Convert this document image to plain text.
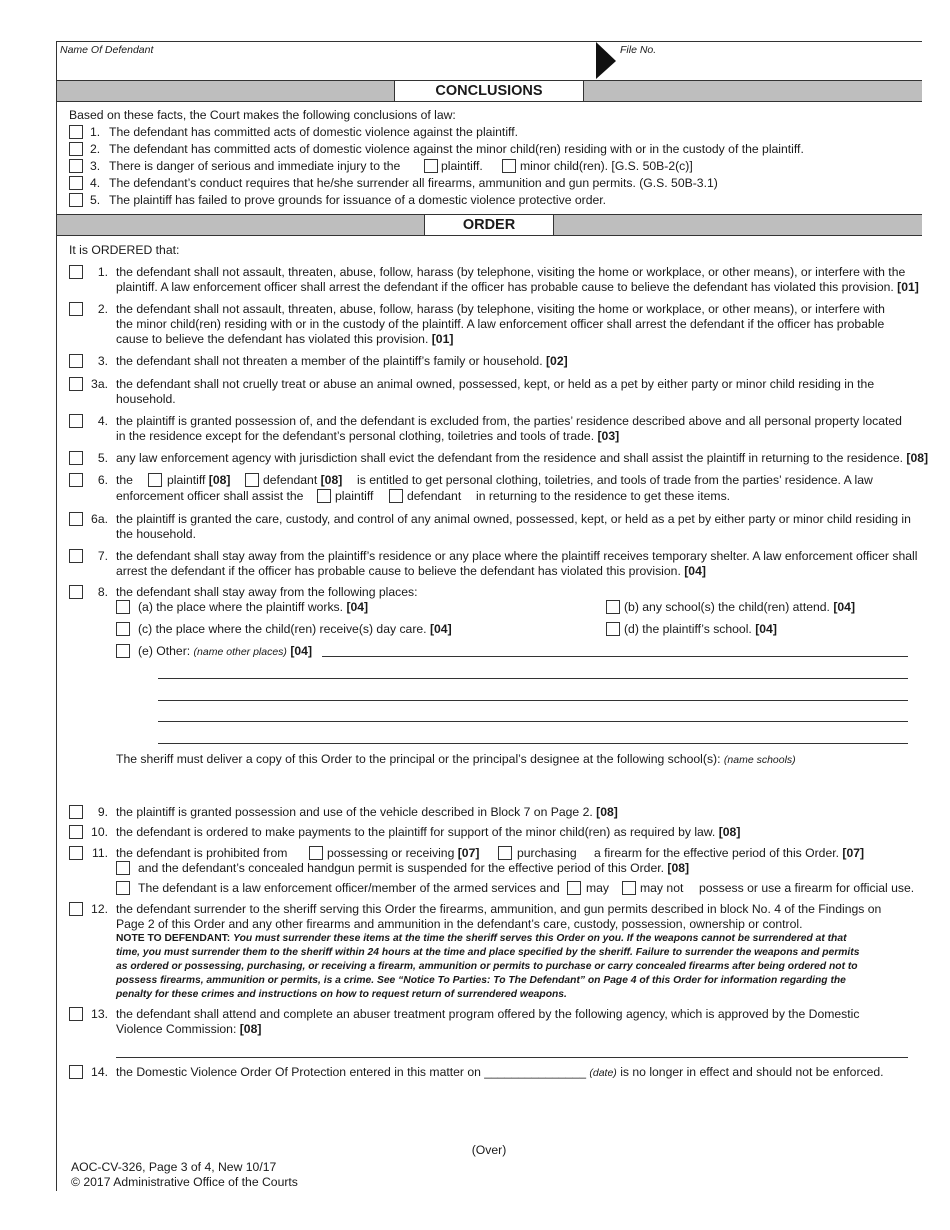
Name Of Defendant	File No.
CONCLUSIONS
Based on these facts, the Court makes the following conclusions of law:
1. The defendant has committed acts of domestic violence against the plaintiff.
2. The defendant has committed acts of domestic violence against the minor child(ren) residing with or in the custody of the plaintiff.
3. There is danger of serious and immediate injury to the	plaintiff.	minor child(ren). [G.S. 50B-2(c)]
4. The defendant’s conduct requires that he/she surrender all firearms, ammunition and gun permits. (G.S. 50B-3.1)
5. The plaintiff has failed to prove grounds for issuance of a domestic violence protective order.
ORDER
It is ORDERED that:
1. the defendant shall not assault, threaten, abuse, follow, harass (by telephone, visiting the home or workplace, or other means), or interfere with the
plaintiff. A law enforcement officer shall arrest the defendant if the officer has probable cause to believe the defendant has violated this provision. [01]
2. the defendant shall not assault, threaten, abuse, follow, harass (by telephone, visiting the home or workplace, or other means), or interfere with
the minor child(ren) residing with or in the custody of the plaintiff. A law enforcement officer shall arrest the defendant if the officer has probable
cause to believe the defendant has violated this provision. [01]
3. the defendant shall not threaten a member of the plaintiff’s family or household. [02]
3a. the defendant shall not cruelly treat or abuse an animal owned, possessed, kept, or held as a pet by either party or minor child residing in the
household.
4. the plaintiff is granted possession of, and the defendant is excluded from, the parties’ residence described above and all personal property located
in the residence except for the defendant’s personal clothing, toiletries and tools of trade. [03]
5. any law enforcement agency with jurisdiction shall evict the defendant from the residence and shall assist the plaintiff in returning to the residence. [08]
6. the	plaintiff [08]	defendant [08] is entitled to get personal clothing, toiletries, and tools of trade from the parties’ residence. A law
enforcement officer shall assist the	plaintiff	defendant in returning to the residence to get these items.
6a. the plaintiff is granted the care, custody, and control of any animal owned, possessed, kept, or held as a pet by either party or minor child residing in
the household.
7. the defendant shall stay away from the plaintiff’s residence or any place where the plaintiff receives temporary shelter. A law enforcement officer shall
arrest the defendant if the officer has probable cause to believe the defendant has violated this provision. [04]
8. the defendant shall stay away from the following places:
(a) the place where the plaintiff works. [04]	(b) any school(s) the child(ren) attend. [04]
(c) the place where the child(ren) receive(s) day care. [04]	(d) the plaintiff’s school. [04]
(e) Other: (name other places) [04]
The sheriff must deliver a copy of this Order to the principal or the principal’s designee at the following school(s): (name schools)
9. the plaintiff is granted possession and use of the vehicle described in Block 7 on Page 2. [08]
10. the defendant is ordered to make payments to the plaintiff for support of the minor child(ren) as required by law. [08]
11. the defendant is prohibited from	possessing or receiving [07]	purchasing a firearm for the effective period of this Order. [07]
and the defendant’s concealed handgun permit is suspended for the effective period of this Order. [08]
The defendant is a law enforcement officer/member of the armed services and may	may not possess or use a firearm for official use.
12. the defendant surrender to the sheriff serving this Order the firearms, ammunition, and gun permits described in block No. 4 of the Findings on
Page 2 of this Order and any other firearms and ammunition in the defendant’s care, custody, possession, ownership or control.
NOTE TO DEFENDANT: You must surrender these items at the time the sheriff serves this Order on you. If the weapons cannot be surrendered at that
time, you must surrender them to the sheriff within 24 hours at the time and place specified by the sheriff. Failure to surrender the weapons and permits
as ordered or possessing, purchasing, or receiving a firearm, ammunition or permits to purchase or carry concealed firearms after being ordered not to
possess firearms, ammunition or permits, is a crime. See “Notice To Parties: To The Defendant” on Page 4 of this Order for information regarding the
penalty for these crimes and instructions on how to request return of surrendered weapons.
13. the defendant shall attend and complete an abuser treatment program offered by the following agency, which is approved by the Domestic
Violence Commission: [08]
14. the Domestic Violence Order Of Protection entered in this matter on _______________ (date) is no longer in effect and should not be enforced.
(Over)
AOC-CV-326, Page 3 of 4, New 10/17
© 2017 Administrative Office of the Courts
